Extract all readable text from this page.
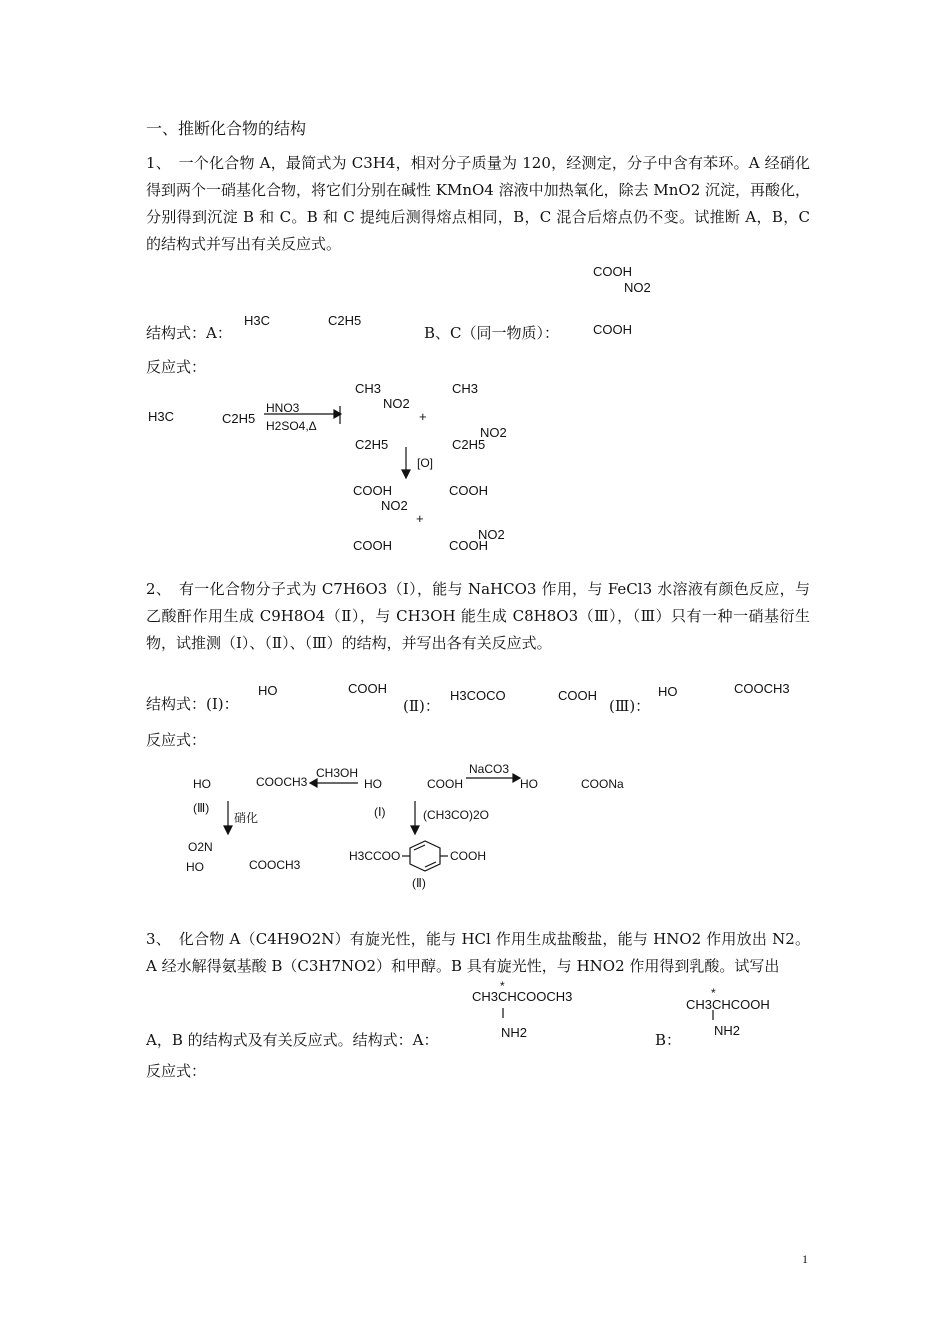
一、推断化合物的结构

1、　一个化合物 A，最简式为 C3H4，相对分子质量为 120，经测定，分子中含有苯环。A 经硝化得到两个一硝基化合物，将它们分别在碱性 KMnO4 溶液中加热氧化，除去 MnO2 沉淀，再酸化，分别得到沉淀 B 和 C。B 和 C 提纯后测得熔点相同，B，C 混合后熔点仍不变。试推断 A，B，C 的结构式并写出有关反应式。

COOH
NO2
结构式：A：
H3C	C2H5
B、C（同一物质）：	COOH
反应式：
H3C	C2H5
HNO3
H2SO4,Δ
CH3
NO2
+
CH3
NO2
C2H5	C2H5
[O]
COOH
NO2
+
COOH
NO2
COOH	COOH

2、　有一化合物分子式为 C7H6O3（Ⅰ），能与 NaHCO3 作用，与 FeCl3 水溶液有颜色反应，与乙酸酐作用生成 C9H8O4（Ⅱ），与 CH3OH 能生成 C8H8O3（Ⅲ），（Ⅲ）只有一种一硝基衍生物，试推测（Ⅰ）、（Ⅱ）、（Ⅲ）的结构，并写出各有关反应式。

HO	COOH
结构式：(Ⅰ)：	(Ⅱ)：
H3COCO	COOH
(Ⅲ)：
HO	COOCH3
反应式：
HO	COOCH3
CH3OH
HO	COOH
NaCO3
HO	COONa
(Ⅲ)
硝化	(Ⅰ)	(CH3CO)2O
O2N
HO	COOCH3
H3CCOO	COOH
(Ⅱ)

3、　化合物 A（C4H9O2N）有旋光性，能与 HCl 作用生成盐酸盐，能与 HNO2 作用放出 N2。A 经水解得氨基酸 B（C3H7NO2）和甲醇。B 具有旋光性，与 HNO2 作用得到乳酸。试写出

*
CH3CHCOOCH3
NH2
*
CH3CHCOOH
NH2
A，B 的结构式及有关反应式。结构式：A：	B：
反应式：
1
